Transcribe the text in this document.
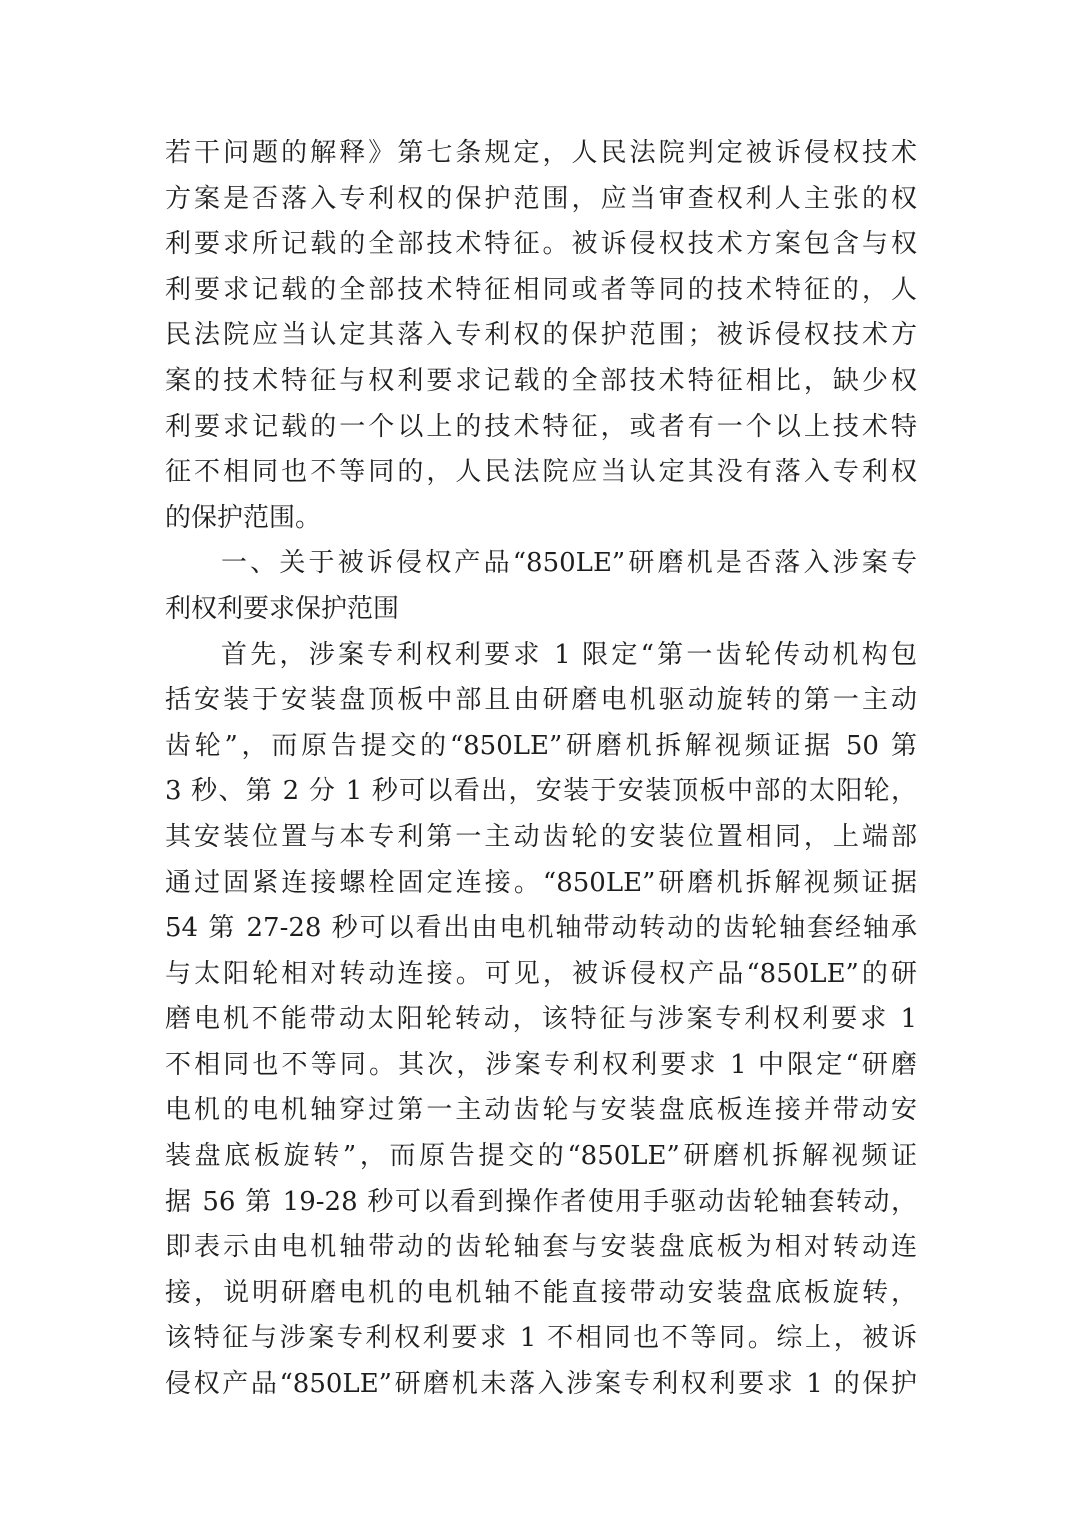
若干问题的解释》第七条规定，人民法院判定被诉侵权技术
方案是否落入专利权的保护范围，应当审查权利人主张的权
利要求所记载的全部技术特征。被诉侵权技术方案包含与权
利要求记载的全部技术特征相同或者等同的技术特征的，人
民法院应当认定其落入专利权的保护范围；被诉侵权技术方
案的技术特征与权利要求记载的全部技术特征相比，缺少权
利要求记载的一个以上的技术特征，或者有一个以上技术特
征不相同也不等同的，人民法院应当认定其没有落入专利权
的保护范围。
一、关于被诉侵权产品“850LE”研磨机是否落入涉案专
利权利要求保护范围
首先，涉案专利权利要求 1 限定“第一齿轮传动机构包
括安装于安装盘顶板中部且由研磨电机驱动旋转的第一主动
齿轮”，而原告提交的“850LE”研磨机拆解视频证据 50 第
3 秒、第 2 分 1 秒可以看出，安装于安装顶板中部的太阳轮，
其安装位置与本专利第一主动齿轮的安装位置相同，上端部
通过固紧连接螺栓固定连接。“850LE”研磨机拆解视频证据
54 第 27-28 秒可以看出由电机轴带动转动的齿轮轴套经轴承
与太阳轮相对转动连接。可见，被诉侵权产品“850LE”的研
磨电机不能带动太阳轮转动，该特征与涉案专利权利要求 1
不相同也不等同。其次，涉案专利权利要求 1 中限定“研磨
电机的电机轴穿过第一主动齿轮与安装盘底板连接并带动安
装盘底板旋转”，而原告提交的“850LE”研磨机拆解视频证
据 56 第 19-28 秒可以看到操作者使用手驱动齿轮轴套转动，
即表示由电机轴带动的齿轮轴套与安装盘底板为相对转动连
接，说明研磨电机的电机轴不能直接带动安装盘底板旋转，
该特征与涉案专利权利要求 1 不相同也不等同。综上，被诉
侵权产品“850LE”研磨机未落入涉案专利权利要求 1 的保护
